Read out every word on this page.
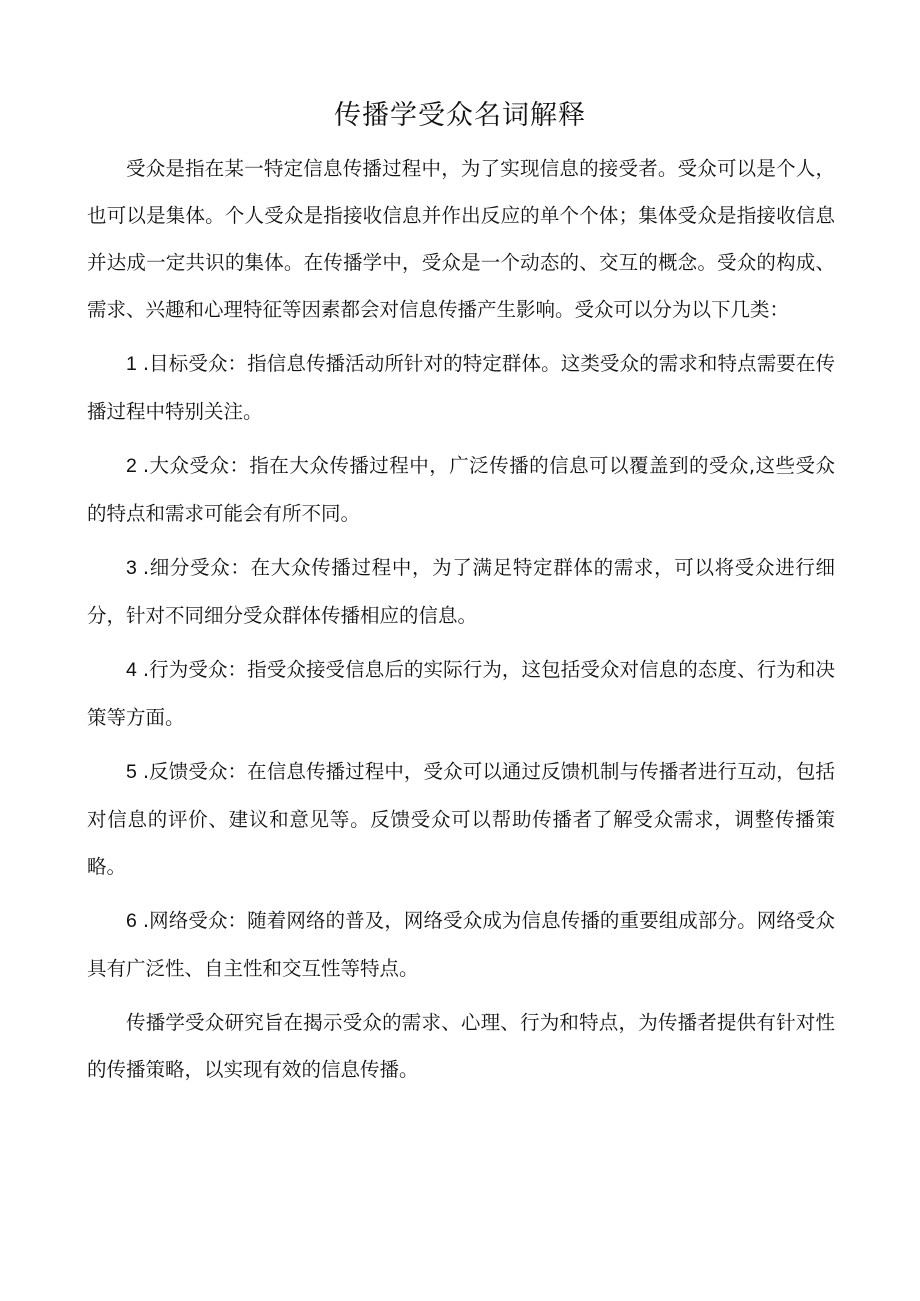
传播学受众名词解释

受众是指在某一特定信息传播过程中，为了实现信息的接受者。受众可以是个人，也可以是集体。个人受众是指接收信息并作出反应的单个个体；集体受众是指接收信息并达成一定共识的集体。在传播学中，受众是一个动态的、交互的概念。受众的构成、需求、兴趣和心理特征等因素都会对信息传播产生影响。受众可以分为以下几类：

1 .目标受众：指信息传播活动所针对的特定群体。这类受众的需求和特点需要在传播过程中特别关注。

2 .大众受众：指在大众传播过程中，广泛传播的信息可以覆盖到的受众,这些受众的特点和需求可能会有所不同。

3 .细分受众：在大众传播过程中，为了满足特定群体的需求，可以将受众进行细分，针对不同细分受众群体传播相应的信息。

4 .行为受众：指受众接受信息后的实际行为，这包括受众对信息的态度、行为和决策等方面。

5 .反馈受众：在信息传播过程中，受众可以通过反馈机制与传播者进行互动，包括对信息的评价、建议和意见等。反馈受众可以帮助传播者了解受众需求，调整传播策略。

6 .网络受众：随着网络的普及，网络受众成为信息传播的重要组成部分。网络受众具有广泛性、自主性和交互性等特点。

传播学受众研究旨在揭示受众的需求、心理、行为和特点，为传播者提供有针对性的传播策略，以实现有效的信息传播。
